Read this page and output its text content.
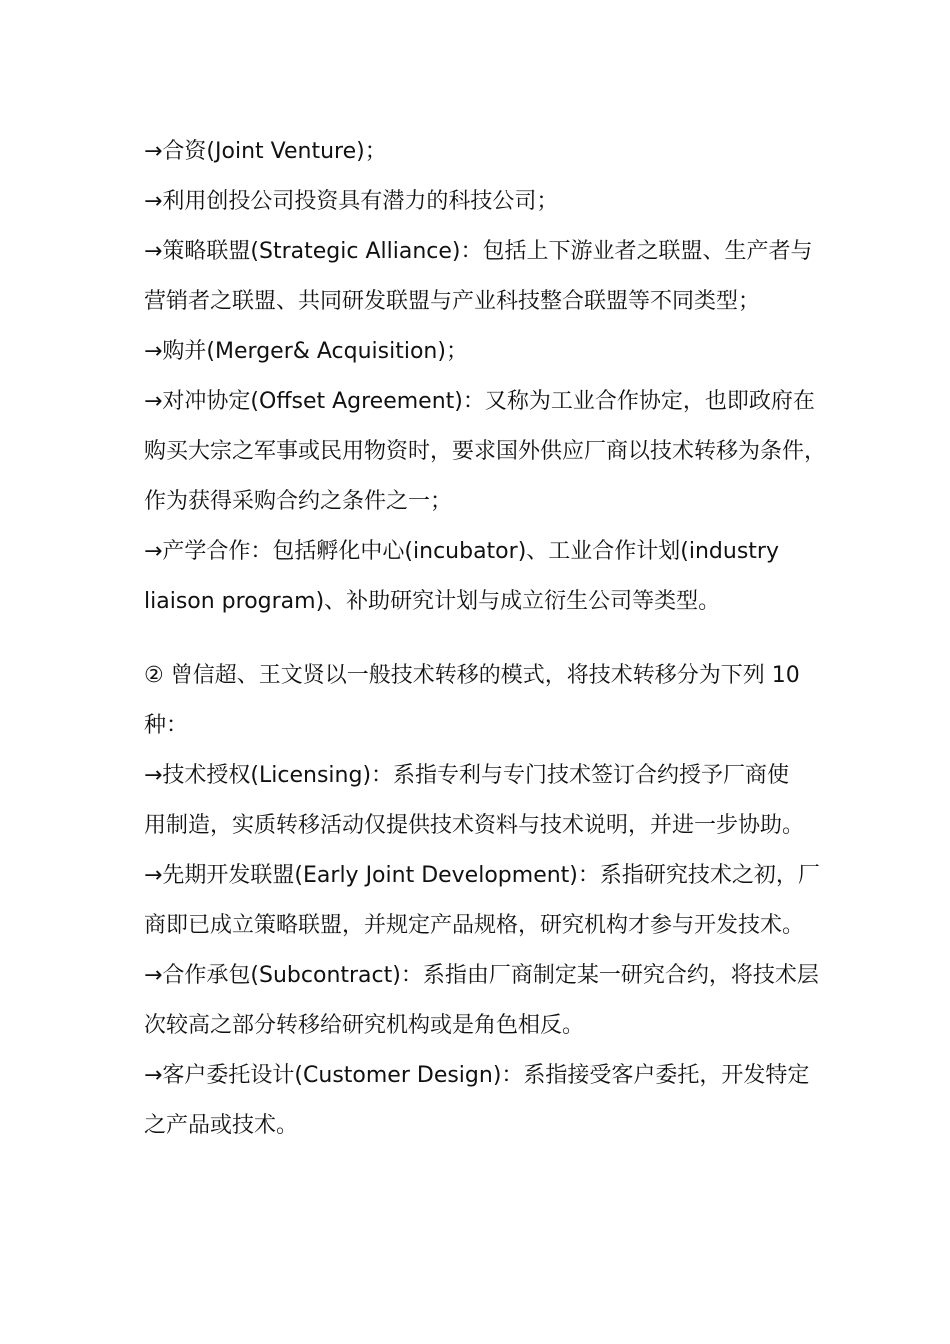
→合资(Joint Venture)；
→利用创投公司投资具有潜力的科技公司；
→策略联盟(Strategic Alliance)：包括上下游业者之联盟、生产者与
营销者之联盟、共同研发联盟与产业科技整合联盟等不同类型；
→购并(Merger& Acquisition)；
→对冲协定(Offset Agreement)：又称为工业合作协定，也即政府在
购买大宗之军事或民用物资时，要求国外供应厂商以技术转移为条件，
作为获得采购合约之条件之一；
→产学合作：包括孵化中心(incubator)、工业合作计划(industry
liaison program)、补助研究计划与成立衍生公司等类型。
② 曾信超、王文贤以一般技术转移的模式，将技术转移分为下列 10
种：
→技术授权(Licensing)：系指专利与专门技术签订合约授予厂商使
用制造，实质转移活动仅提供技术资料与技术说明，并进一步协助。
→先期开发联盟(Early Joint Development)：系指研究技术之初，厂
商即已成立策略联盟，并规定产品规格，研究机构才参与开发技术。
→合作承包(Subcontract)：系指由厂商制定某一研究合约，将技术层
次较高之部分转移给研究机构或是角色相反。
→客户委托设计(Customer Design)：系指接受客户委托，开发特定
之产品或技术。
